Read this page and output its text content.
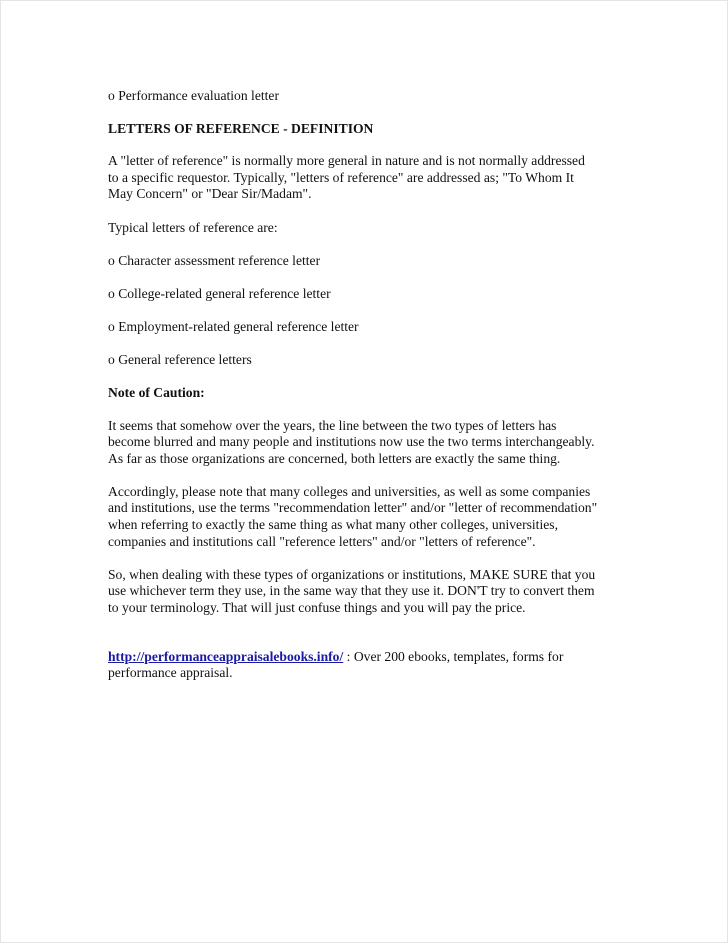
o Performance evaluation letter
LETTERS OF REFERENCE - DEFINITION
A "letter of reference" is normally more general in nature and is not normally addressed
to a specific requestor. Typically, "letters of reference" are addressed as; "To Whom It
May Concern" or "Dear Sir/Madam".
Typical letters of reference are:
o Character assessment reference letter
o College-related general reference letter
o Employment-related general reference letter
o General reference letters
Note of Caution:
It seems that somehow over the years, the line between the two types of letters has
become blurred and many people and institutions now use the two terms interchangeably.
As far as those organizations are concerned, both letters are exactly the same thing.
Accordingly, please note that many colleges and universities, as well as some companies
and institutions, use the terms "recommendation letter" and/or "letter of recommendation"
when referring to exactly the same thing as what many other colleges, universities,
companies and institutions call "reference letters" and/or "letters of reference".
So, when dealing with these types of organizations or institutions, MAKE SURE that you
use whichever term they use, in the same way that they use it. DON'T try to convert them
to your terminology. That will just confuse things and you will pay the price.
http://performanceappraisalebooks.info/ : Over 200 ebooks, templates, forms for
performance appraisal.
